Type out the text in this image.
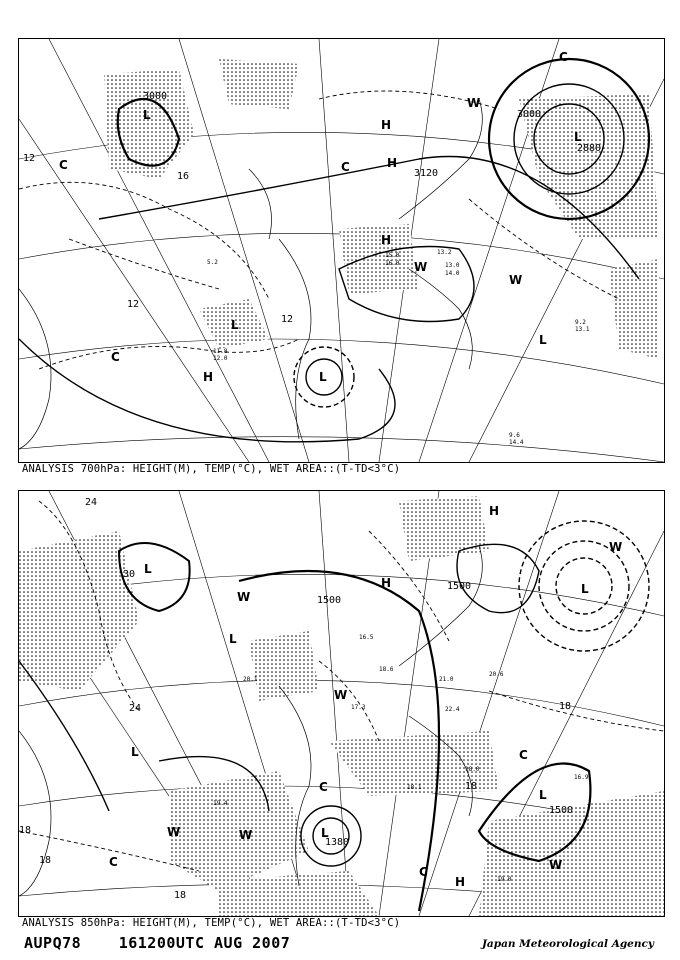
3000
3000
2880
3120
12
12
12
16
L
L
L
H
H
H
H
C	C
C
C
W
W
W
L
L	9.2
13.1
5.2
13.2
15.0
16.0	13.0
14.0
9.6
14.4
11.8
12.0
ANALYSIS 700hPa: HEIGHT(M), TEMP(°C), WET AREA::(T-TD<3°C)
1500
1500
1500
1380
18
18
18
18
24
24
30
18
L
L
L
L
L
L
H
H
H
C
C
C
C
W	W
W
W
W
W
18.0
16.9
19.4
20.1	21.0
17.3
18.6
22.4
20.6
16.5
18.1
19.0
ANALYSIS 850hPa: HEIGHT(M), TEMP(°C), WET AREA::(T-TD<3°C)
AUPQ78	161200UTC AUG 2007	Japan Meteorological Agency
